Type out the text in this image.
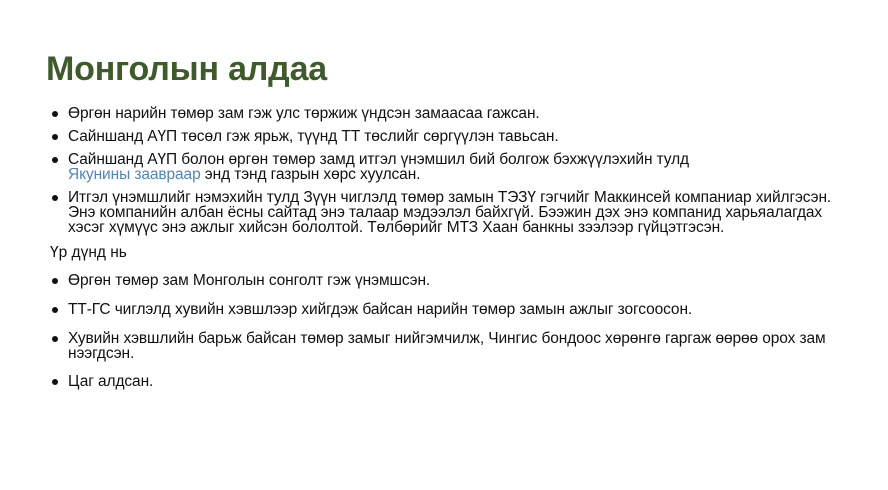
Монголын алдаа
Өргөн нарийн төмөр зам гэж улс төржиж үндсэн замаасаа гажсан.
Сайншанд АҮП төсөл гэж ярьж, түүнд ТТ төслийг сөргүүлэн тавьсан.
Сайншанд АҮП болон өргөн төмөр замд итгэл үнэмшил бий болгож бэхжүүлэхийн тулд
Якунины зааврааp энд тэнд газрын хөрс хуулсан.
Итгэл үнэмшлийг нэмэхийн тулд Зүүн чиглэлд төмөр замын ТЭЗҮ гэгчийг Маккинсей компаниар хийлгэсэн. Энэ компанийн албан ёсны сайтад энэ талаар мэдээлэл байхгүй. Бээжин дэх энэ компанид харьяалагдах хэсэг хүмүүс энэ ажлыг хийсэн бололтой. Төлбөрийг МТЗ Хаан банкны зээлээр гүйцэтгэсэн.

Үр дүнд нь

Өргөн төмөр зам Монголын сонголт гэж үнэмшсэн.
ТТ-ГС чиглэлд хувийн хэвшлээр хийгдэж байсан нарийн төмөр замын ажлыг зогсоосон.
Хувийн хэвшлийн барьж байсан төмөр замыг нийгэмчилж, Чингис бондоос хөрөнгө гаргаж өөрөө орох зам нээгдсэн.
Цаг алдсан.
